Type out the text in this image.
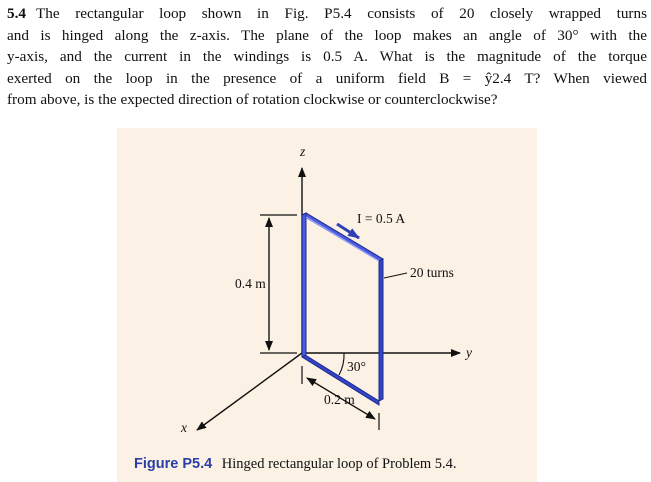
5.4 The rectangular loop shown in Fig. P5.4 consists of 20 closely wrapped turns
and is hinged along the z-axis. The plane of the loop makes an angle of 30° with the
y-axis, and the current in the windings is 0.5 A. What is the magnitude of the torque
exerted on the loop in the presence of a uniform field B = ŷ2.4 T? When viewed
from above, is the expected direction of rotation clockwise or counterclockwise?
z
y
x
I = 0.5 A
20 turns
0.4 m
30°
0.2 m
Figure P5.4 Hinged rectangular loop of Problem 5.4.
